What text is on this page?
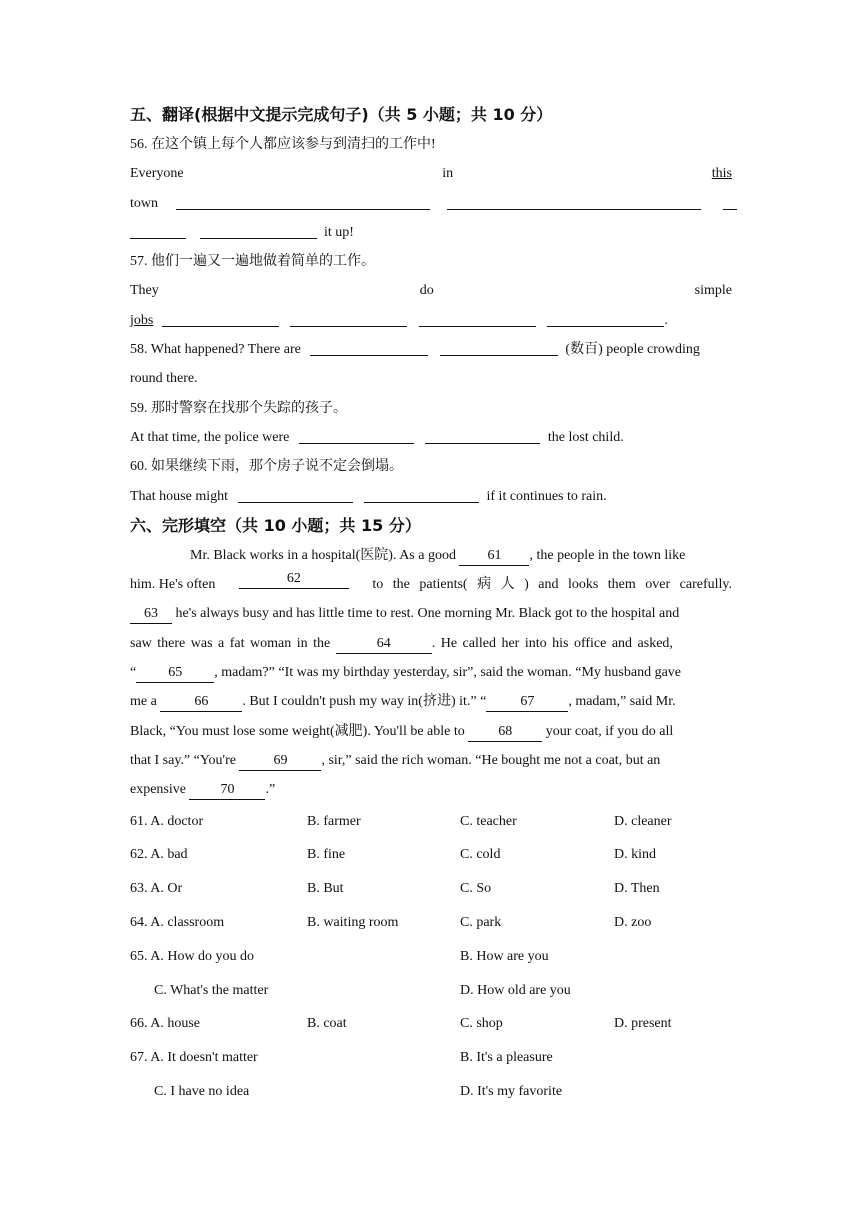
五、翻译(根据中文提示完成句子)（共 5 小题；共 10 分）
56. 在这个镇上每个人都应该参与到清扫的工作中!
Everyone	in	this
town
it up!
57. 他们一遍又一遍地做着简单的工作。
They	do	simple
jobs	.
58. What happened? There are	(数百) people crowding
round there.
59. 那时警察在找那个失踪的孩子。
At that time, the police were	the lost child.
60. 如果继续下雨，那个房子说不定会倒塌。
That house might	if it continues to rain.
六、完形填空（共 10 小题；共 15 分）
Mr. Black works in a hospital(医院). As a good 61 , the people in the town like
him. He's often	62	to the patients( 病 人 ) and looks them over carefully.
63 he's always busy and has little time to rest. One morning Mr. Black got to the hospital and
saw there was a fat woman in the	64	. He called her into his office and asked,
“ 65 , madam?” “It was my birthday yesterday, sir”, said the woman. “My husband gave
me a	66 . But I couldn't push my way in(挤进) it.” “ 67 , madam,” said Mr.
Black, “You must lose some weight(减肥). You'll be able to 68 your coat, if you do all
that I say.” “You're	69 , sir,” said the rich woman. “He bought me not a coat, but an
expensive 70 .”
61. A. doctor	B. farmer	C. teacher	D. cleaner
62. A. bad	B. fine	C. cold	D. kind
63. A. Or	B. But	C. So	D. Then
64. A. classroom	B. waiting room	C. park	D. zoo
65. A. How do you do	B. How are you
C. What's the matter	D. How old are you
66. A. house	B. coat	C. shop	D. present
67. A. It doesn't matter	B. It's a pleasure
C. I have no idea	D. It's my favorite
